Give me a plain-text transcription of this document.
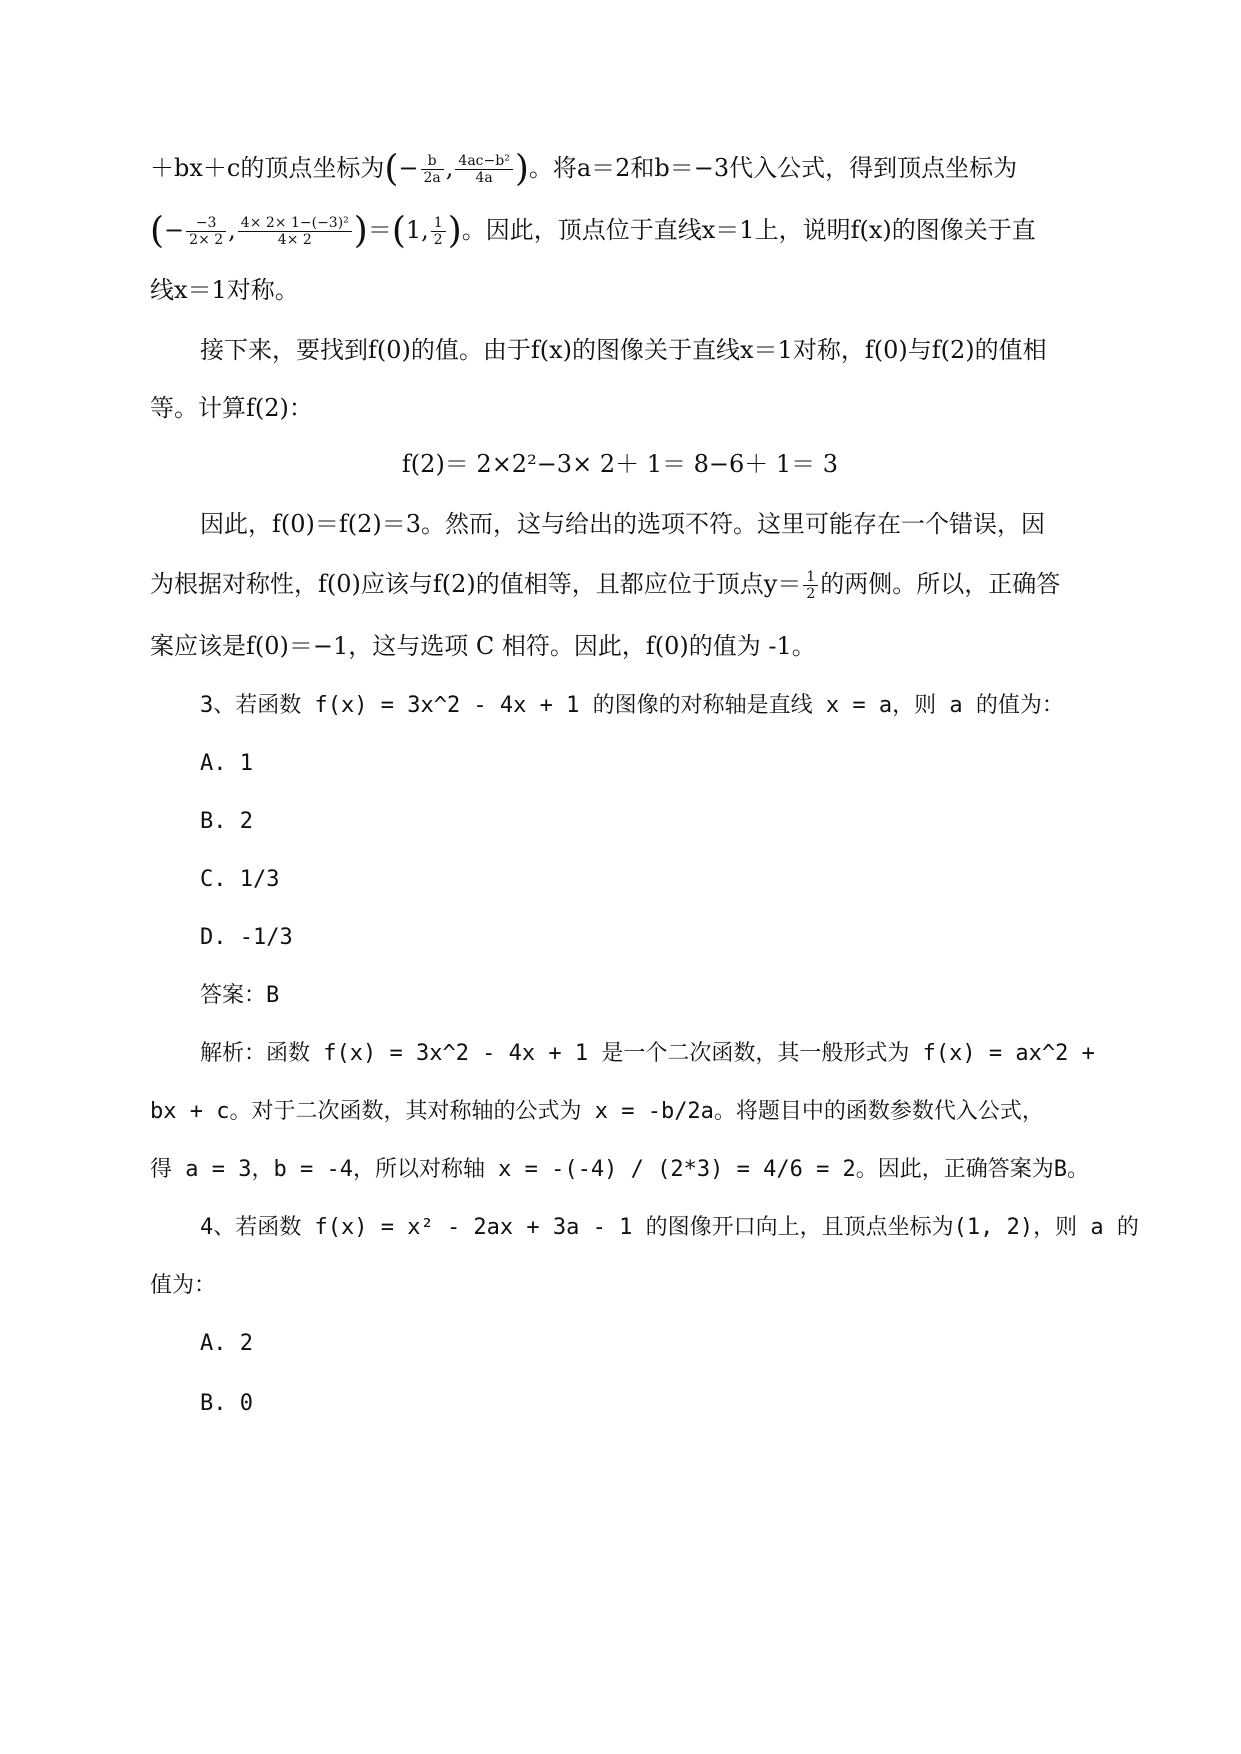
＋bx＋c的顶点坐标为(− $\frac{b}{2a}$ , $\frac{\text{4ac−b²}}{4a}$ )。将a＝2和b＝−3代入公式，得到顶点坐标为
(− $\frac{-3}{2\times 2}$ , $\frac{\text{4× 2× 1−(−3)²}}{4\times 2} )=(1$, $\frac{1}{2}$ )。因此，顶点位于直线x＝1上，说明f(x)的图像关于直
线x＝1对称。
接下来，要找到f(0)的值。由于f(x)的图像关于直线x＝1对称，f(0)与f(2)的值相
等。计算f(2)：
f(2)＝ 2×2²−3× 2＋ 1＝ 8−6＋ 1＝ 3
因此，f(0)＝f(2)＝3。然而，这与给出的选项不符。这里可能存在一个错误，因
为根据对称性，f(0)应该与f(2)的值相等，且都应位于顶点$y= \frac{1}{2}$ 的两侧。所以，正确答
案应该是f(0)＝−1，这与选项 C 相符。因此，f(0)的值为 -1。
3、若函数 f(x) = 3x^2 - 4x + 1 的图像的对称轴是直线 x = a，则 a 的值为：
A. 1
B. 2
C. 1/3
D. -1/3
答案：B
解析：函数 f(x) = 3x^2 - 4x + 1 是一个二次函数，其一般形式为 f(x) = ax^2 +
bx + c。对于二次函数，其对称轴的公式为 x = -b/2a。将题目中的函数参数代入公式，
得 a = 3，b = -4，所以对称轴 x = -(-4) / (2*3) = 4/6 = 2。因此，正确答案为B。
4、若函数 f(x) = x² - 2ax + 3a - 1 的图像开口向上，且顶点坐标为(1, 2)，则 a 的
值为：
A. 2
B. 0
